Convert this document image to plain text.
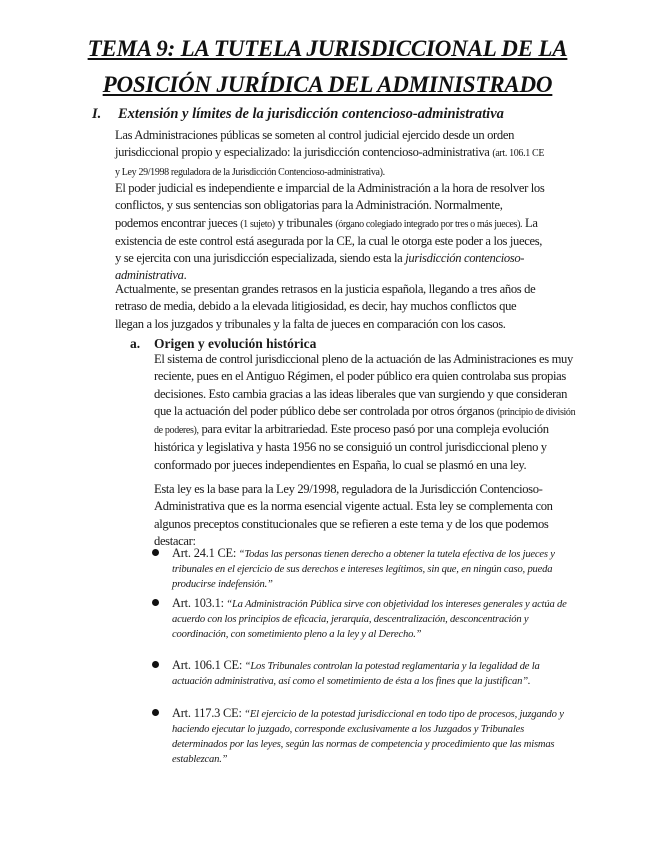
TEMA 9: LA TUTELA JURISDICCIONAL DE LA
POSICIÓN JURÍDICA DEL ADMINISTRADO
I. Extensión y límites de la jurisdicción contencioso-administrativa
Las Administraciones públicas se someten al control judicial ejercido desde un orden jurisdiccional propio y especializado: la jurisdicción contencioso-administrativa (art. 106.1 CE y Ley 29/1998 reguladora de la Jurisdicción Contencioso-administrativa).
El poder judicial es independiente e imparcial de la Administración a la hora de resolver los conflictos, y sus sentencias son obligatorias para la Administración. Normalmente, podemos encontrar jueces (1 sujeto) y tribunales (órgano colegiado integrado por tres o más jueces). La existencia de este control está asegurada por la CE, la cual le otorga este poder a los jueces, y se ejercita con una jurisdicción especializada, siendo esta la jurisdicción contencioso-administrativa.
Actualmente, se presentan grandes retrasos en la justicia española, llegando a tres años de retraso de media, debido a la elevada litigiosidad, es decir, hay muchos conflictos que llegan a los juzgados y tribunales y la falta de jueces en comparación con los casos.
a. Origen y evolución histórica
El sistema de control jurisdiccional pleno de la actuación de las Administraciones es muy reciente, pues en el Antiguo Régimen, el poder público era quien controlaba sus propias decisiones. Esto cambia gracias a las ideas liberales que van surgiendo y que consideran que la actuación del poder público debe ser controlada por otros órganos (principio de división de poderes), para evitar la arbitrariedad. Este proceso pasó por una compleja evolución histórica y legislativa y hasta 1956 no se consiguió un control jurisdiccional pleno y conformado por jueces independientes en España, lo cual se plasmó en una ley.
Esta ley es la base para la Ley 29/1998, reguladora de la Jurisdicción Contencioso- Administrativa que es la norma esencial vigente actual. Esta ley se complementa con algunos preceptos constitucionales que se refieren a este tema y de los que podemos destacar:
Art. 24.1 CE: “Todas las personas tienen derecho a obtener la tutela efectiva de los jueces y tribunales en el ejercicio de sus derechos e intereses legítimos, sin que, en ningún caso, pueda producirse indefensión.”
Art. 103.1: “La Administración Pública sirve con objetividad los intereses generales y actúa de acuerdo con los principios de eficacia, jerarquía, descentralización, desconcentración y coordinación, con sometimiento pleno a la ley y al Derecho.”
Art. 106.1 CE: “Los Tribunales controlan la potestad reglamentaria y la legalidad de la actuación administrativa, así como el sometimiento de ésta a los fines que la justifican”.
Art. 117.3 CE: “El ejercicio de la potestad jurisdiccional en todo tipo de procesos, juzgando y haciendo ejecutar lo juzgado, corresponde exclusivamente a los Juzgados y Tribunales determinados por las leyes, según las normas de competencia y procedimiento que las mismas establezcan.”
